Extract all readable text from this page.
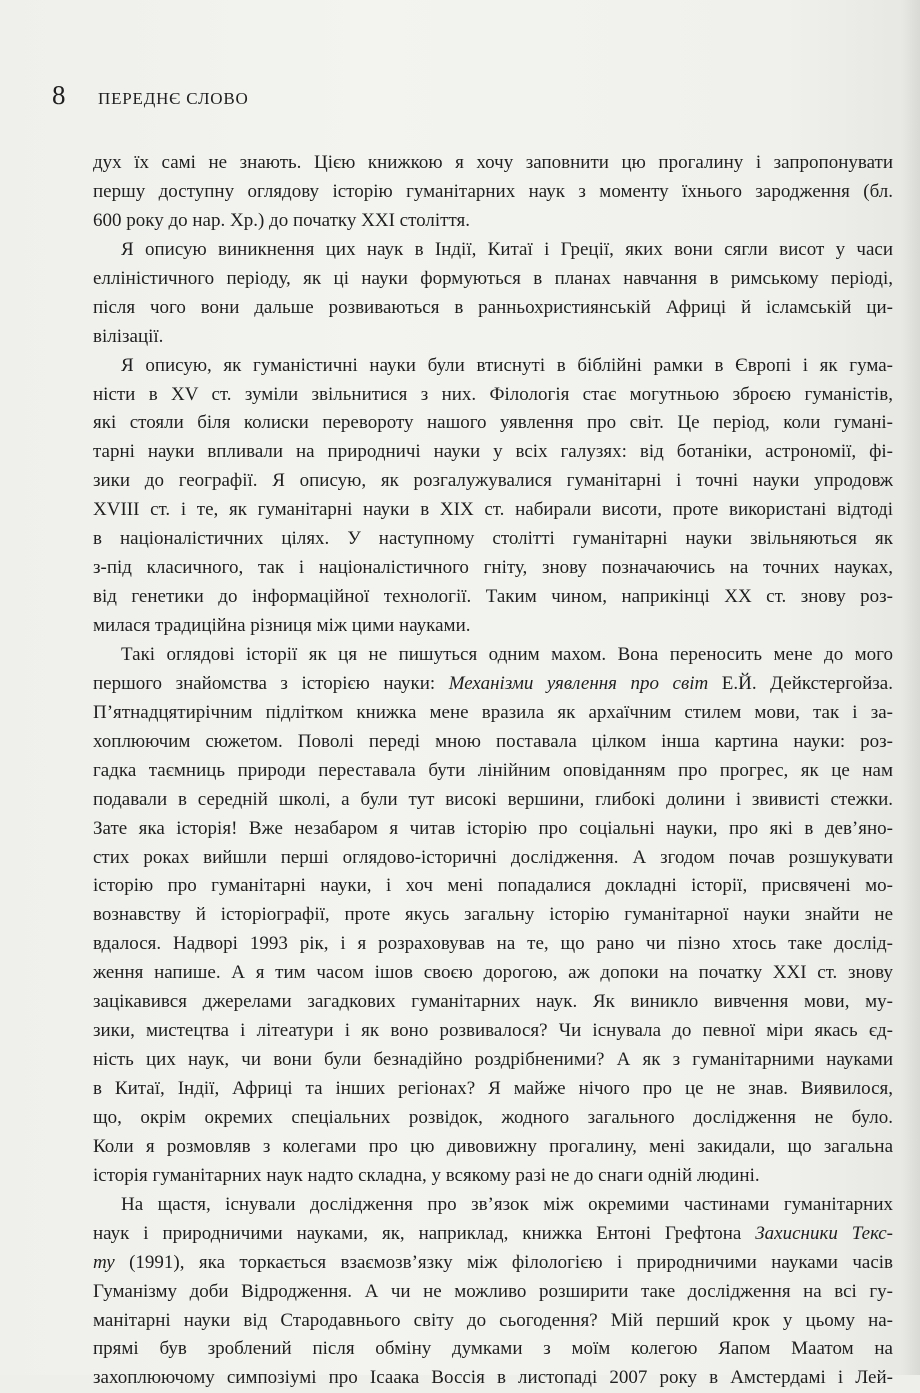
8 ПЕРЕДНЄ СЛОВО
дух їх самі не знають. Цією книжкою я хочу заповнити цю прогалину і запропонувати
першу доступну оглядову історію гуманітарних наук з моменту їхнього зародження (бл.
600 року до нар. Хр.) до початку XXI століття.
Я описую виникнення цих наук в Індії, Китаї і Греції, яких вони сягли висот у часи
елліністичного періоду, як ці науки формуються в планах навчання в римському періоді,
після чого вони дальше розвиваються в ранньохристиянській Африці й ісламській ци-
вілізації.
Я описую, як гуманістичні науки були втиснуті в біблійні рамки в Європі і як гума-
ністи в XV ст. зуміли звільнитися з них. Філологія стає могутньою зброєю гуманістів,
які стояли біля колиски перевороту нашого уявлення про світ. Це період, коли гумані-
тарні науки впливали на природничі науки у всіх галузях: від ботаніки, астрономії, фі-
зики до географії. Я описую, як розгалужувалися гуманітарні і точні науки упродовж
XVIII ст. і те, як гуманітарні науки в XIX ст. набирали висоти, проте використані відтоді
в націоналістичних цілях. У наступному столітті гуманітарні науки звільняються як
з-під класичного, так і націоналістичного гніту, знову позначаючись на точних науках,
від генетики до інформаційної технології. Таким чином, наприкінці XX ст. знову роз-
милася традиційна різниця між цими науками.
Такі оглядові історії як ця не пишуться одним махом. Вона переносить мене до мого
першого знайомства з історією науки: Механізми уявлення про світ Е.Й. Дейкстергойза.
П’ятнадцятирічним підлітком книжка мене вразила як архаїчним стилем мови, так і за-
хоплюючим сюжетом. Поволі переді мною поставала цілком інша картина науки: роз-
гадка таємниць природи переставала бути лінійним оповіданням про прогрес, як це нам
подавали в середній школі, а були тут високі вершини, глибокі долини і звивисті стежки.
Зате яка історія! Вже незабаром я читав історію про соціальні науки, про які в дев’яно-
стих роках вийшли перші оглядово-історичні дослідження. А згодом почав розшукувати
історію про гуманітарні науки, і хоч мені попадалися докладні історії, присвячені мо-
вознавству й історіографії, проте якусь загальну історію гуманітарної науки знайти не
вдалося. Надворі 1993 рік, і я розраховував на те, що рано чи пізно хтось таке дослід-
ження напише. А я тим часом ішов своєю дорогою, аж допоки на початку XXI ст. знову
зацікавився джерелами загадкових гуманітарних наук. Як виникло вивчення мови, му-
зики, мистецтва і літеатури і як воно розвивалося? Чи існувала до певної міри якась єд-
ність цих наук, чи вони були безнадійно роздрібненими? А як з гуманітарними науками
в Китаї, Індії, Африці та інших регіонах? Я майже нічого про це не знав. Виявилося,
що, окрім окремих спеціальних розвідок, жодного загального дослідження не було.
Коли я розмовляв з колегами про цю дивовижну прогалину, мені закидали, що загальна
історія гуманітарних наук надто складна, у всякому разі не до снаги одній людині.
На щастя, існували дослідження про зв’язок між окремими частинами гуманітарних
наук і природничими науками, як, наприклад, книжка Ентоні Грефтона Захисники Текс-
ту (1991), яка торкається взаємозв’язку між філологією і природничими науками часів
Гуманізму доби Відродження. А чи не можливо розширити таке дослідження на всі гу-
манітарні науки від Стародавнього світу до сьогодення? Мій перший крок у цьому на-
прямі був зроблений після обміну думками з моїм колегою Яапом Маатом на
захоплюючому симпозіумі про Ісаака Воссія в листопаді 2007 року в Амстердамі і Лей-
